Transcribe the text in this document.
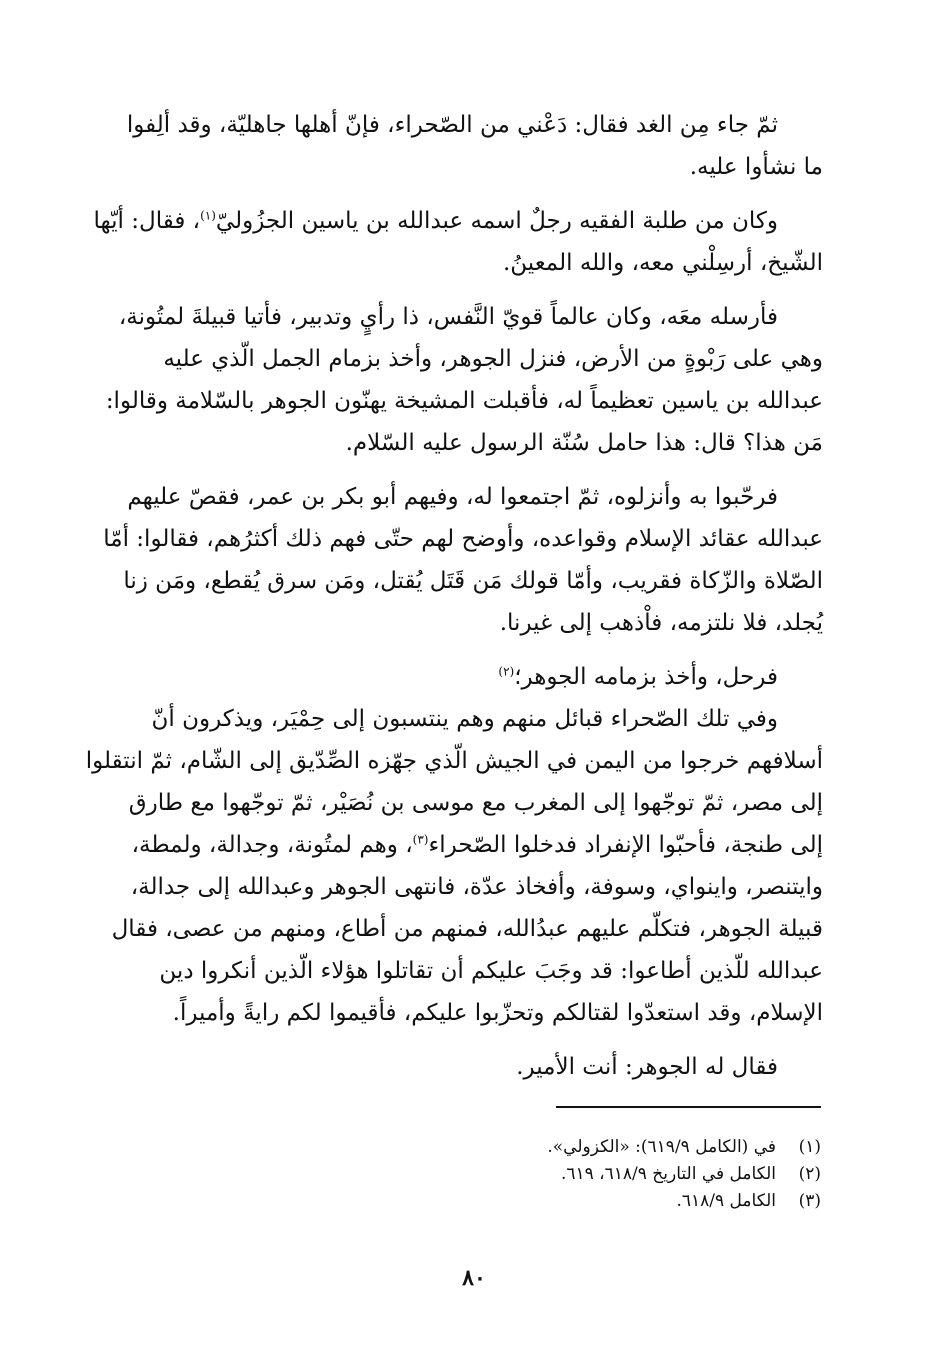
ثمّ جاء مِن الغد فقال: دَعْني من الصّحراء، فإنّ أهلها جاهليّة، وقد ألِفوا
ما نشأوا عليه.

وكان من طلبة الفقيه رجلٌ اسمه عبدالله بن ياسين الجزُوليّ$^{(١)}$، فقال: أيّها
الشّيخ، أرسِلْني معه، والله المعينُ.

فأرسله معَه، وكان عالماً قويّ النَّفس، ذا رأيٍ وتدبير، فأتيا قبيلةَ لمتُونة،
وهي على رَبْوةٍ من الأرض، فنزل الجوهر، وأخذ بزمام الجمل الّذي عليه
عبدالله بن ياسين تعظيماً له، فأقبلت المشيخة يهنّون الجوهر بالسّلامة وقالوا:
مَن هذا؟ قال: هذا حامل سُنّة الرسول عليه السّلام.

فرحّبوا به وأنزلوه، ثمّ اجتمعوا له، وفيهم أبو بكر بن عمر، فقصّ عليهم
عبدالله عقائد الإسلام وقواعده، وأوضح لهم حتّى فهم ذلك أكثرُهم، فقالوا: أمّا
الصّلاة والزّكاة فقريب، وأمّا قولك مَن قَتَل يُقتل، ومَن سرق يُقطع، ومَن زنا
يُجلد، فلا نلتزمه، فاْذهب إلى غيرنا.

فرحل، وأخذ بزمامه الجوهر؛$^{(٢)}$

وفي تلك الصّحراء قبائل منهم وهم ينتسبون إلى حِمْيَر، ويذكرون أنّ
أسلافهم خرجوا من اليمن في الجيش الّذي جهّزه الصِّدّيق إلى الشّام، ثمّ انتقلوا
إلى مصر، ثمّ توجّهوا إلى المغرب مع موسى بن نُصَيْر، ثمّ توجّهوا مع طارق
إلى طنجة، فأحبّوا الإنفراد فدخلوا الصّحراء$^{(٣)}$، وهم لمتُونة، وجدالة، ولمطة،
وايتنصر، واينواي، وسوفة، وأفخاذ عدّة، فانتهى الجوهر وعبدالله إلى جدالة،
قبيلة الجوهر، فتكلّم عليهم عبدُالله، فمنهم من أطاع، ومنهم من عصى، فقال
عبدالله للّذين أطاعوا: قد وجَبَ عليكم أن تقاتلوا هؤلاء الّذين أنكروا دين
الإسلام، وقد استعدّوا لقتالكم وتحزّبوا عليكم، فأقيموا لكم رايةً وأميراً.

فقال له الجوهر: أنت الأمير.

(١)
في (الكامل ٦١٩/٩): «الكزولي».
(٢)
الكامل في التاريخ ٦١٨/٩، ٦١٩.
(٣)
الكامل ٦١٨/٩.
٨٠
